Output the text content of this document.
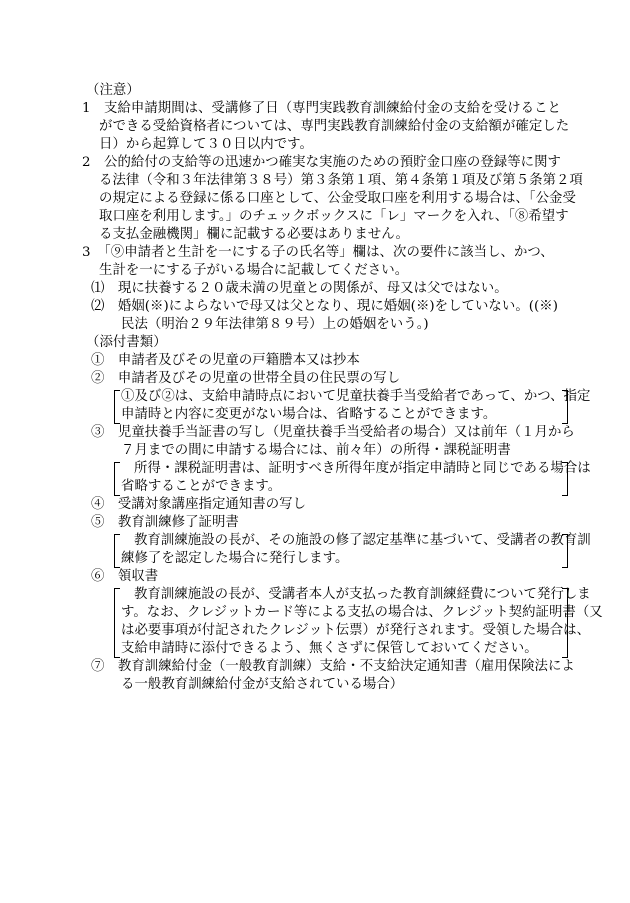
（注意）
1　支給申請期間は、受講修了日（専門実践教育訓練給付金の支給を受けること
ができる受給資格者については、専門実践教育訓練給付金の支給額が確定した
日）から起算して３０日以内です。
2　公的給付の支給等の迅速かつ確実な実施のための預貯金口座の登録等に関す
る法律（令和３年法律第３８号）第３条第１項、第４条第１項及び第５条第２項
の規定による登録に係る口座として、公金受取口座を利用する場合は、「公金受
取口座を利用します。」のチェックボックスに「レ」マークを入れ、「⑧希望す
る支払金融機関」欄に記載する必要はありません。
3　「⑨申請者と生計を一にする子の氏名等」欄は、次の要件に該当し、かつ、
生計を一にする子がいる場合に記載してください。
⑴　現に扶養する２０歳未満の児童との関係が、母又は父ではない。
⑵　婚姻(※)によらないで母又は父となり、現に婚姻(※)をしていない。((※)
民法（明治２９年法律第８９号）上の婚姻をいう。)
（添付書類）
①　申請者及びその児童の戸籍謄本又は抄本
②　申請者及びその児童の世帯全員の住民票の写し
①及び②は、支給申請時点において児童扶養手当受給者であって、かつ、指定
申請時と内容に変更がない場合は、省略することができます。
③　児童扶養手当証書の写し（児童扶養手当受給者の場合）又は前年（１月から
７月までの間に申請する場合には、前々年）の所得・課税証明書
所得・課税証明書は、証明すべき所得年度が指定申請時と同じである場合は
省略することができます。
④　受講対象講座指定通知書の写し
⑤　教育訓練修了証明書
教育訓練施設の長が、その施設の修了認定基準に基づいて、受講者の教育訓
練修了を認定した場合に発行します。
⑥　領収書
教育訓練施設の長が、受講者本人が支払った教育訓練経費について発行しま
す。なお、クレジットカード等による支払の場合は、クレジット契約証明書（又
は必要事項が付記されたクレジット伝票）が発行されます。受領した場合は、
支給申請時に添付できるよう、無くさずに保管しておいてください。
⑦　教育訓練給付金（一般教育訓練）支給・不支給決定通知書（雇用保険法によ
る一般教育訓練給付金が支給されている場合）
